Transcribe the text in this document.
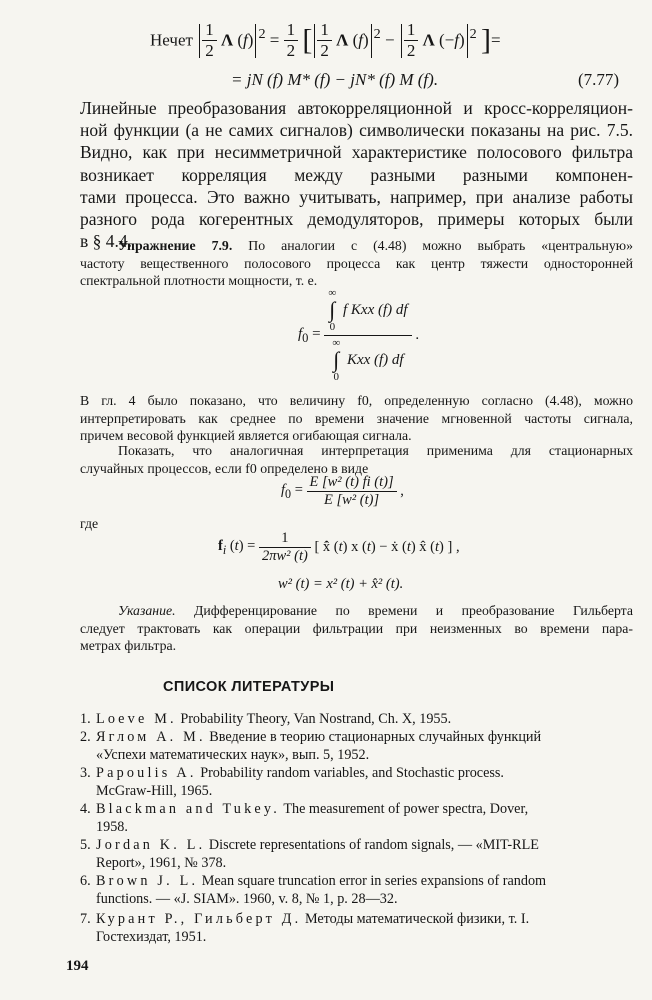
Нечет $\frac{1}{2}$ Λ (f) $^2 = \frac{1}{2}$ [ $\frac{1}{2}$ Λ (f) $^2 - \frac{1}{2}$ Λ (−f) $^2$ ]=
= jN (f) M* (f) − jN* (f) M (f).	(7.77)
Линейные преобразования автокорреляционной и кросс-корреляцион-
ной функции (а не самих сигналов) символически показаны на рис. 7.5.
Видно, как при несимметричной характеристике полосового фильтра
возникает корреляция между разными разными компонен-
тами процесса. Это важно учитывать, например, при анализе работы
разного рода когерентных демодуляторов, примеры которых были
в § 4.4.
Упражнение 7.9. По аналогии с (4.48) можно выбрать «центральную»
частоту вещественного полосового процесса как центр тяжести односторонней
спектральной плотности мощности, т. е.
$f_0$ =
∞
∫
0
f Kxx (f) df
∞
∫
0
Kxx (f) df
.
В гл. 4 было показано, что величину f0, определенную согласно (4.48), можно
интерпретировать как среднее по времени значение мгновенной частоты сигнала,
причем весовой функцией является огибающая сигнала.
Показать, что аналогичная интерпретация применима для стационарных
случайных процессов, если f0 определено в виде
$f_0 = \frac{\text{E [w² (t) fi (t)]}}{\text{E [w² (t)]}}$ ,
где
$f_i$ $(t) = \frac{1}{\text{2πw² (t)}}$ [ x̂̇ (t) x (t) − ẋ (t) x̂ (t) ] ,
w² (t) = x² (t) + x̂² (t).
Указание. Дифференцирование по времени и преобразование Гильберта
следует трактовать как операции фильтрации при неизменных во времени пара-
метрах фильтра.
СПИСОК ЛИТЕРАТУРЫ
1. Loeve M. Probability Theory, Van Nostrand, Ch. X, 1955.
2. Яглом А. М. Введение в теорию стационарных случайных функций
«Успехи математических наук», вып. 5, 1952.
3. Papoulis A. Probability random variables, and Stochastic process.
McGraw-Hill, 1965.
4. Blackman and Tukey. The measurement of power spectra, Dover,
1958.
5. Jordan K. L. Discrete representations of random signals, — «MIT-RLE
Report», 1961, № 378.
6. Brown J. L. Mean square truncation error in series expansions of random
functions. — «J. SIAM». 1960, v. 8, № 1, p. 28—32.
7. Курант Р., Гильберт Д. Методы математической физики, т. I.
Гостехиздат, 1951.
194
